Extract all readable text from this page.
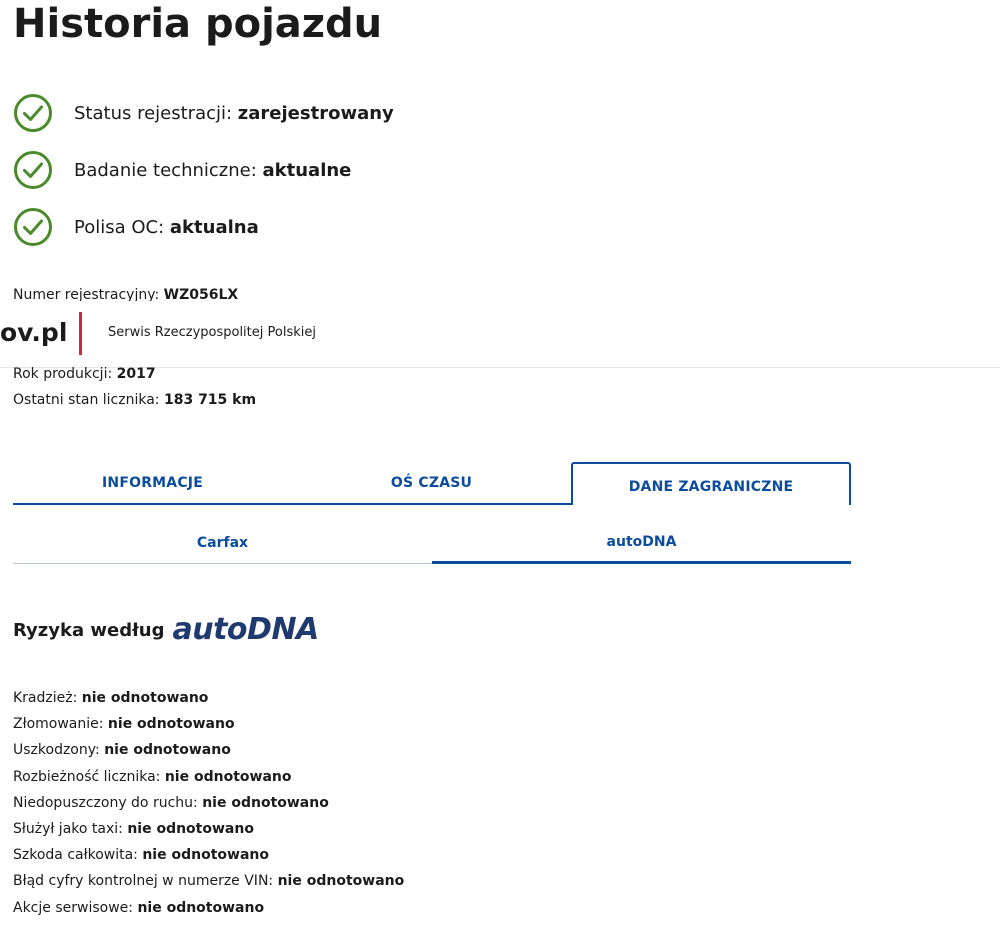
Historia pojazdu
Status rejestracji: zarejestrowany
Badanie techniczne: aktualne
Polisa OC: aktualna
Numer rejestracyjny: WZ056LX
ov.pl	Serwis Rzeczypospolitej Polskiej
Rok produkcji: 2017
Ostatni stan licznika: 183 715 km
INFORMACJE	OŚ CZASU	DANE ZAGRANICZNE
Carfax	autoDNA
Ryzyka według autoDNA
Kradzież: nie odnotowano
Złomowanie: nie odnotowano
Uszkodzony: nie odnotowano
Rozbieżność licznika: nie odnotowano
Niedopuszczony do ruchu: nie odnotowano
Służył jako taxi: nie odnotowano
Szkoda całkowita: nie odnotowano
Błąd cyfry kontrolnej w numerze VIN: nie odnotowano
Akcje serwisowe: nie odnotowano
